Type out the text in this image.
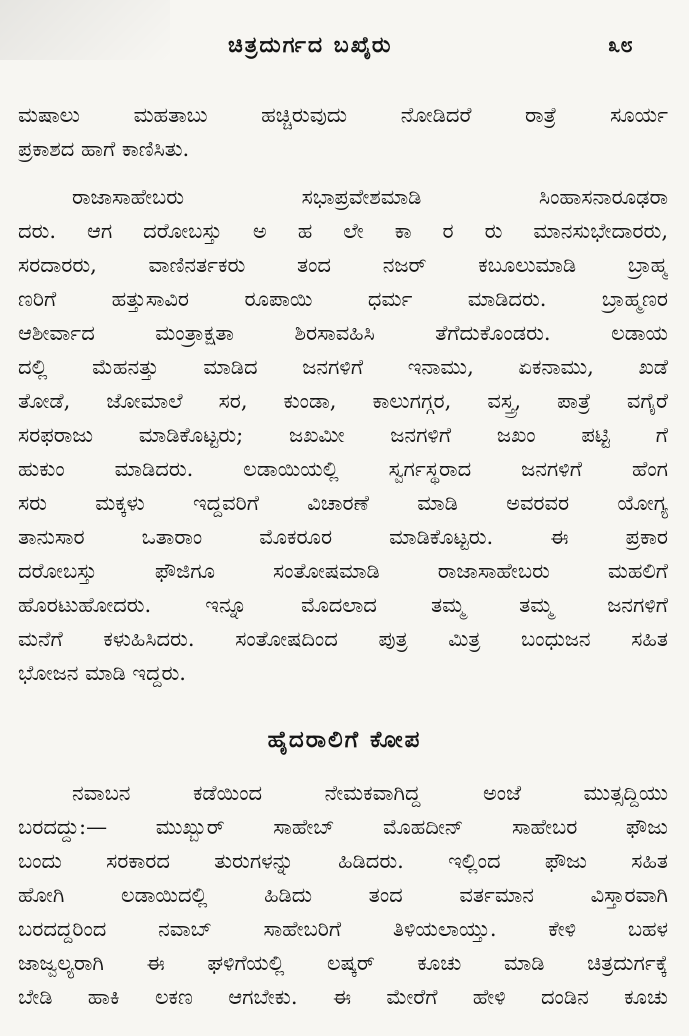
ಚಿತ್ರದುರ್ಗದ ಬಖೈರು	೩೮
ಮಷಾಲು ಮಹತಾಬು ಹಚ್ಚಿರುವುದು ನೋಡಿದರೆ ರಾತ್ರೆ ಸೂರ್ಯ
ಪ್ರಕಾಶದ ಹಾಗೆ ಕಾಣಿಸಿತು.
ರಾಜಾಸಾಹೇಬರು ಸಭಾಪ್ರವೇಶಮಾಡಿ ಸಿಂಹಾಸನಾರೂಢರಾ
ದರು. ಆಗ ದರೋಬಸ್ತು ಅ ಹ ಲೇ ಕಾ ರ ರು ಮಾನಸುಭೇದಾರರು,
ಸರದಾರರು, ವಾಣಿನರ್ತಕರು ತಂದ ನಜರ್ ಕಬೂಲುಮಾಡಿ ಬ್ರಾಹ್ಮ
ಣರಿಗೆ ಹತ್ತುಸಾವಿರ ರೂಪಾಯಿ ಧರ್ಮ ಮಾಡಿದರು. ಬ್ರಾಹ್ಮಣರ
ಆಶೀರ್ವಾದ ಮಂತ್ರಾಕ್ಷತಾ ಶಿರಸಾವಹಿಸಿ ತೆಗೆದುಕೊಂಡರು. ಲಡಾಯ
ದಲ್ಲಿ ಮೆಹನತ್ತು ಮಾಡಿದ ಜನಗಳಿಗೆ ಇನಾಮು, ಏಕನಾಮು, ಖಡೆ
ತೋಡೆ, ಜೋಮಾಲೆ ಸರ, ಕುಂಡಾ, ಕಾಲುಗಗ್ಗರ, ವಸ್ತ್ರ, ಪಾತ್ರೆ ವಗೈರೆ
ಸರಫರಾಜು ಮಾಡಿಕೊಟ್ಟರು; ಜಖಮೀ ಜನಗಳಿಗೆ ಜಖಂ ಪಟ್ಟಿ ಗೆ
ಹುಕುಂ ಮಾಡಿದರು. ಲಡಾಯಿಯಲ್ಲಿ ಸ್ವರ್ಗಸ್ಥರಾದ ಜನಗಳಿಗೆ ಹೆಂಗ
ಸರು ಮಕ್ಕಳು ಇದ್ದವರಿಗೆ ವಿಚಾರಣೆ ಮಾಡಿ ಅವರವರ ಯೋಗ್ಯ
ತಾನುಸಾರ ಒತಾರಾಂ ಮೊಕರೂರ ಮಾಡಿಕೊಟ್ಟರು. ಈ ಪ್ರಕಾರ
ದರೋಬಸ್ತು ಫೌಜಿಗೂ ಸಂತೋಷಮಾಡಿ ರಾಜಾಸಾಹೇಬರು ಮಹಲಿಗೆ
ಹೊರಟುಹೋದರು. ಇನ್ನೂ ಮೊದಲಾದ ತಮ್ಮ ತಮ್ಮ ಜನಗಳಿಗೆ
ಮನೆಗೆ ಕಳುಹಿಸಿದರು. ಸಂತೋಷದಿಂದ ಪುತ್ರ ಮಿತ್ರ ಬಂಧುಜನ ಸಹಿತ
ಭೋಜನ ಮಾಡಿ ಇದ್ದರು.
ಹೈದರಾಲಿಗೆ ಕೋಪ
ನವಾಬನ ಕಡೆಯಿಂದ ನೇಮಕವಾಗಿದ್ದ ಅಂಜೆ ಮುತ್ಸದ್ದಿಯು
ಬರದದ್ದು:— ಮುಖ್ಬುರ್ ಸಾಹೇಬ್ ಮೊಹದೀನ್ ಸಾಹೇಬರ ಫೌಜು
ಬಂದು ಸರಕಾರದ ತುರುಗಳನ್ನು ಹಿಡಿದರು. ಇಲ್ಲಿಂದ ಫೌಜು ಸಹಿತ
ಹೋಗಿ ಲಡಾಯಿದಲ್ಲಿ ಹಿಡಿದು ತಂದ ವರ್ತಮಾನ ವಿಸ್ತಾರವಾಗಿ
ಬರದದ್ದರಿಂದ ನವಾಬ್ ಸಾಹೇಬರಿಗೆ ತಿಳಿಯಲಾಯ್ತು. ಕೇಳಿ ಬಹಳ
ಜಾಜ್ವಲ್ಯರಾಗಿ ಈ ಘಳಿಗೆಯಲ್ಲಿ ಲಷ್ಕರ್ ಕೂಚು ಮಾಡಿ ಚಿತ್ರದುರ್ಗಕ್ಕೆ
ಬೇಡಿ ಹಾಕಿ ಲಕಣ ಆಗಬೇಕು. ಈ ಮೇರೆಗೆ ಹೇಳಿ ದಂಡಿನ ಕೂಚು
